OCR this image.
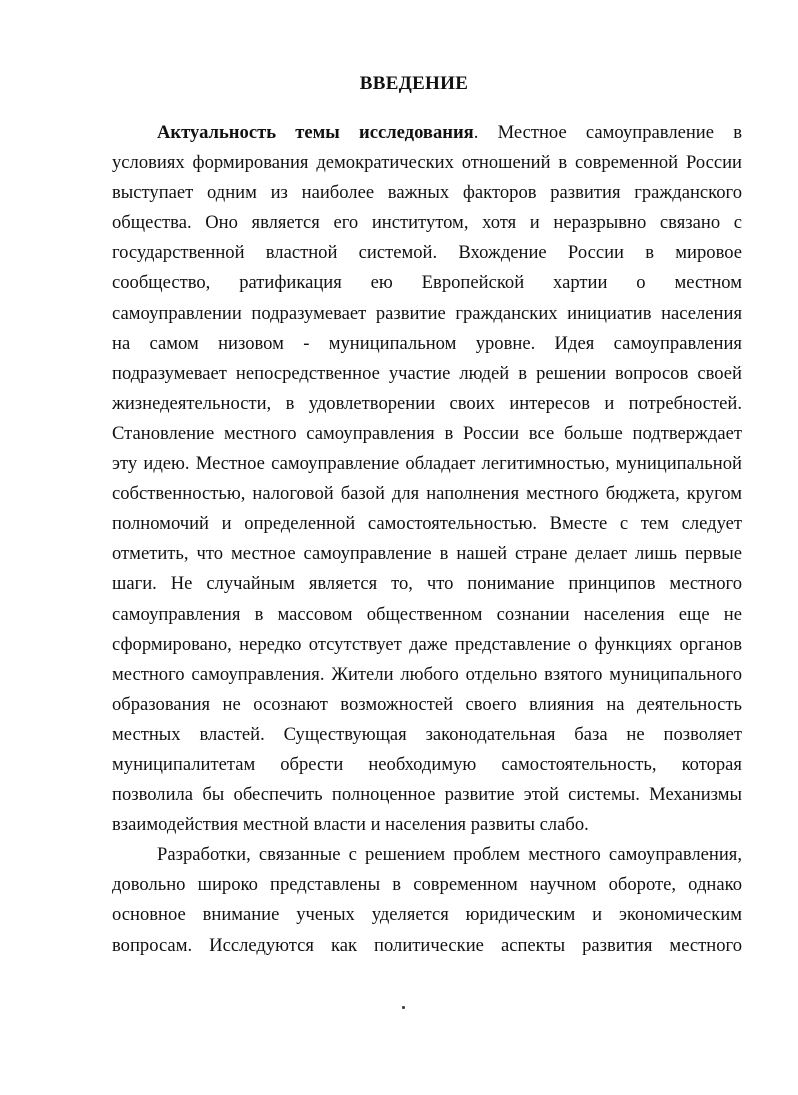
ВВЕДЕНИЕ
Актуальность темы исследования. Местное самоуправление в
условиях формирования демократических отношений в современной России
выступает одним из наиболее важных факторов развития гражданского
общества. Оно является его институтом, хотя и неразрывно связано с
государственной властной системой. Вхождение России в мировое
сообщество, ратификация ею Европейской хартии о местном
самоуправлении подразумевает развитие гражданских инициатив населения
на самом низовом - муниципальном уровне. Идея самоуправления
подразумевает непосредственное участие людей в решении вопросов своей
жизнедеятельности, в удовлетворении своих интересов и потребностей.
Становление местного самоуправления в России все больше подтверждает
эту идею. Местное самоуправление обладает легитимностью, муниципальной
собственностью, налоговой базой для наполнения местного бюджета, кругом
полномочий и определенной самостоятельностью. Вместе с тем следует
отметить, что местное самоуправление в нашей стране делает лишь первые
шаги. Не случайным является то, что понимание принципов местного
самоуправления в массовом общественном сознании населения еще не
сформировано, нередко отсутствует даже представление о функциях органов
местного самоуправления. Жители любого отдельно взятого муниципального
образования не осознают возможностей своего влияния на деятельность
местных властей. Существующая законодательная база не позволяет
муниципалитетам обрести необходимую самостоятельность, которая
позволила бы обеспечить полноценное развитие этой системы. Механизмы
взаимодействия местной власти и населения развиты слабо.
Разработки, связанные с решением проблем местного самоуправления,
довольно широко представлены в современном научном обороте, однако
основное внимание ученых уделяется юридическим и экономическим
вопросам. Исследуются как политические аспекты развития местного
